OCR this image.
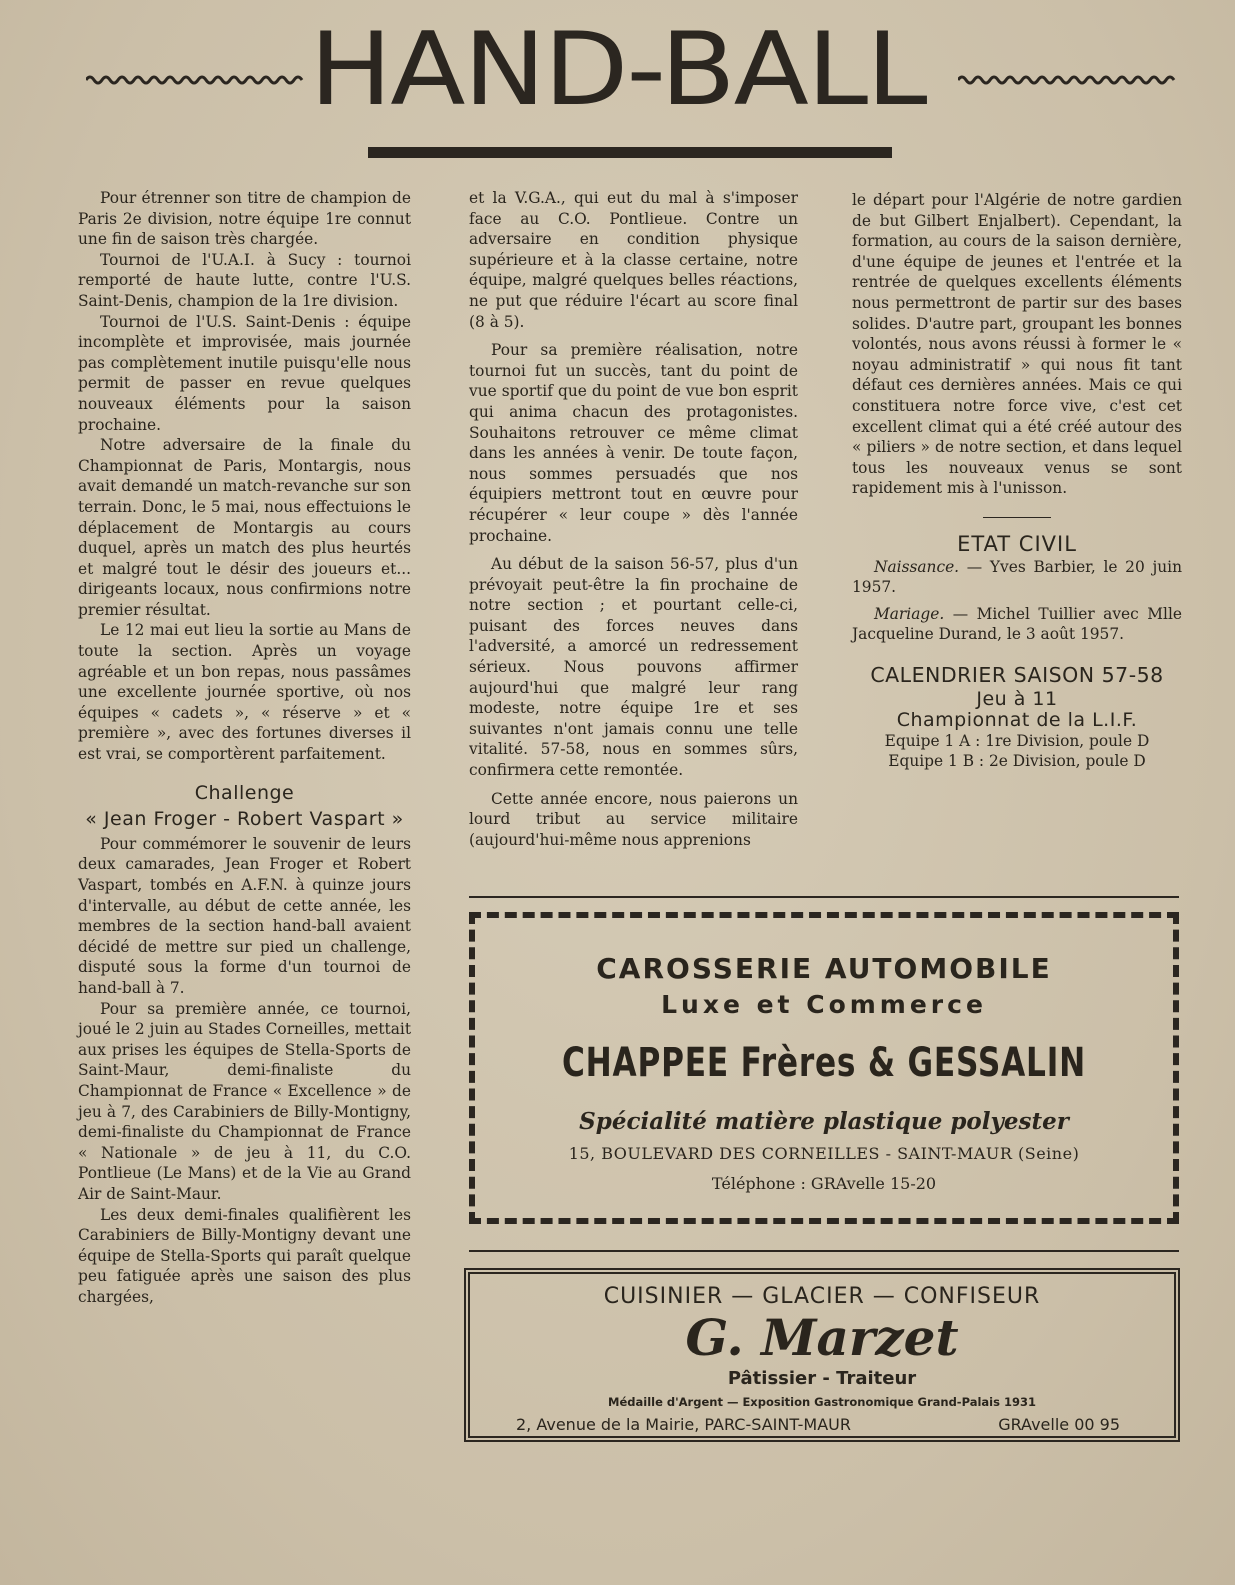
HAND-BALL

Pour étrenner son titre de champion de Paris 2e division, notre équipe 1re connut une fin de saison très chargée.

Tournoi de l'U.A.I. à Sucy : tournoi remporté de haute lutte, contre l'U.S. Saint-Denis, champion de la 1re division.

Tournoi de l'U.S. Saint-Denis : équipe incomplète et improvisée, mais journée pas complètement inutile puisqu'elle nous permit de passer en revue quelques nouveaux éléments pour la saison prochaine.

Notre adversaire de la finale du Championnat de Paris, Montargis, nous avait demandé un match-revanche sur son terrain. Donc, le 5 mai, nous effectuions le déplacement de Montargis au cours duquel, après un match des plus heurtés et malgré tout le désir des joueurs et... dirigeants locaux, nous confirmions notre premier résultat.

Le 12 mai eut lieu la sortie au Mans de toute la section. Après un voyage agréable et un bon repas, nous passâmes une excellente journée sportive, où nos équipes « cadets », « réserve » et « première », avec des fortunes diverses il est vrai, se comportèrent parfaitement.

Challenge
« Jean Froger - Robert Vaspart »

Pour commémorer le souvenir de leurs deux camarades, Jean Froger et Robert Vaspart, tombés en A.F.N. à quinze jours d'intervalle, au début de cette année, les membres de la section hand-ball avaient décidé de mettre sur pied un challenge, disputé sous la forme d'un tournoi de hand-ball à 7.

Pour sa première année, ce tournoi, joué le 2 juin au Stades Corneilles, mettait aux prises les équipes de Stella-Sports de Saint-Maur, demi-finaliste du Championnat de France « Excellence » de jeu à 7, des Carabiniers de Billy-Montigny, demi-finaliste du Championnat de France « Nationale » de jeu à 11, du C.O. Pontlieue (Le Mans) et de la Vie au Grand Air de Saint-Maur.

Les deux demi-finales qualifièrent les Carabiniers de Billy-Montigny devant une équipe de Stella-Sports qui paraît quelque peu fatiguée après une saison des plus chargées,

et la V.G.A., qui eut du mal à s'imposer face au C.O. Pontlieue. Contre un adversaire en condition physique supérieure et à la classe certaine, notre équipe, malgré quelques belles réactions, ne put que réduire l'écart au score final (8 à 5).

Pour sa première réalisation, notre tournoi fut un succès, tant du point de vue sportif que du point de vue bon esprit qui anima chacun des protagonistes. Souhaitons retrouver ce même climat dans les années à venir. De toute façon, nous sommes persuadés que nos équipiers mettront tout en œuvre pour récupérer « leur coupe » dès l'année prochaine.

Au début de la saison 56-57, plus d'un prévoyait peut-être la fin prochaine de notre section ; et pourtant celle-ci, puisant des forces neuves dans l'adversité, a amorcé un redressement sérieux. Nous pouvons affirmer aujourd'hui que malgré leur rang modeste, notre équipe 1re et ses suivantes n'ont jamais connu une telle vitalité. 57-58, nous en sommes sûrs, confirmera cette remontée.

Cette année encore, nous paierons un lourd tribut au service militaire (aujourd'hui-même nous apprenions

le départ pour l'Algérie de notre gardien de but Gilbert Enjalbert). Cependant, la formation, au cours de la saison dernière, d'une équipe de jeunes et l'entrée et la rentrée de quelques excellents éléments nous permettront de partir sur des bases solides. D'autre part, groupant les bonnes volontés, nous avons réussi à former le « noyau administratif » qui nous fit tant défaut ces dernières années. Mais ce qui constituera notre force vive, c'est cet excellent climat qui a été créé autour des « piliers » de notre section, et dans lequel tous les nouveaux venus se sont rapidement mis à l'unisson.

ETAT CIVIL

Naissance. — Yves Barbier, le 20 juin 1957.

Mariage. — Michel Tuillier avec Mlle Jacqueline Durand, le 3 août 1957.

CALENDRIER SAISON 57-58
Jeu à 11
Championnat de la L.I.F.
Equipe 1 A : 1re Division, poule D
Equipe 1 B : 2e Division, poule D
CAROSSERIE AUTOMOBILE
Luxe et Commerce
CHAPPEE Frères & GESSALIN
Spécialité matière plastique polyester
15, BOULEVARD DES CORNEILLES - SAINT-MAUR (Seine)
Téléphone : GRAvelle 15-20
CUISINIER — GLACIER — CONFISEUR
G. Marzet
Pâtissier - Traiteur
Médaille d'Argent — Exposition Gastronomique Grand-Palais 1931
2, Avenue de la Mairie, PARC-SAINT-MAUR	GRAvelle 00 95
